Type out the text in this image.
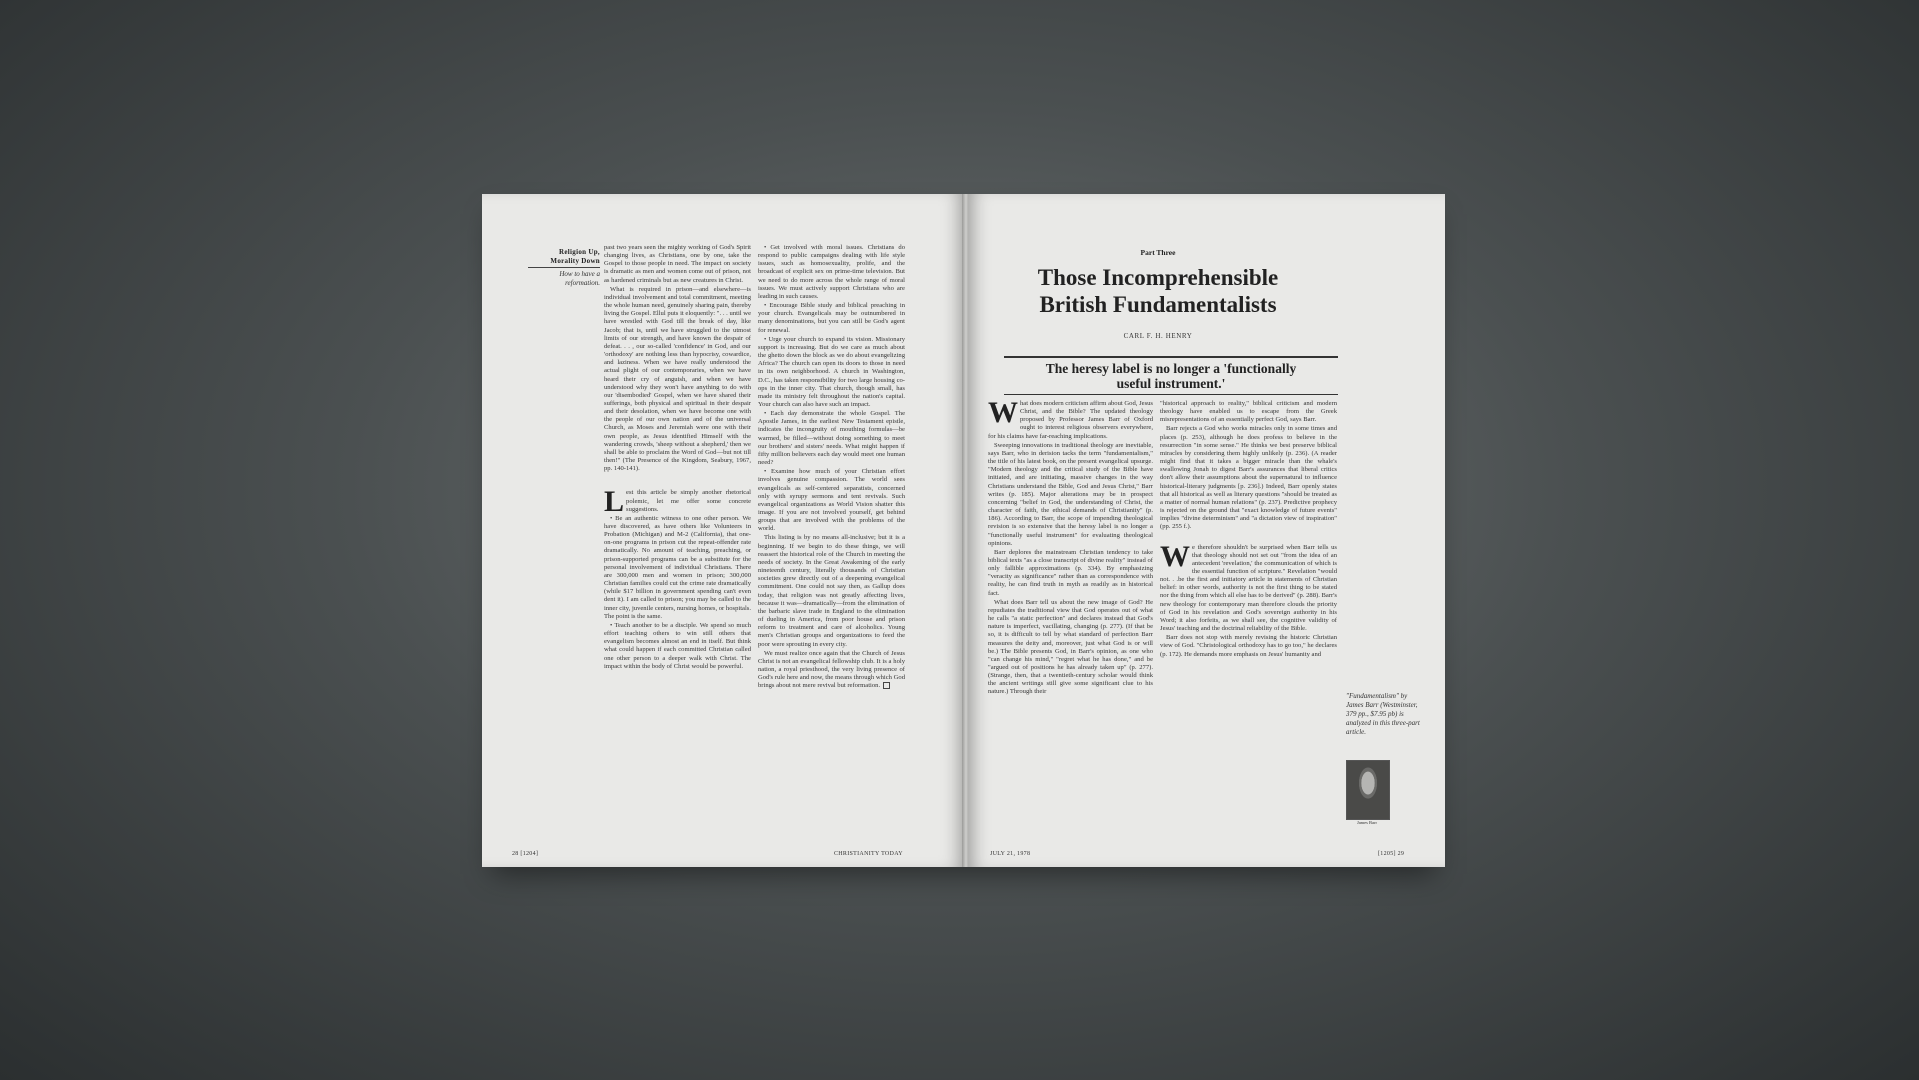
Religion Up,
Morality Down
How to have a
reformation.

past two years seen the mighty working of God's Spirit changing lives, as Christians, one by one, take the Gospel to those people in need. The impact on society is dramatic as men and women come out of prison, not as hardened criminals but as new creatures in Christ.

What is required in prison—and elsewhere—is individual involvement and total commitment, meeting the whole human need, genuinely sharing pain, thereby living the Gospel. Ellul puts it eloquently: ". . . until we have wrestled with God till the break of day, like Jacob; that is, until we have struggled to the utmost limits of our strength, and have known the despair of defeat. . . , our so-called 'confidence' in God, and our 'orthodoxy' are nothing less than hypocrisy, cowardice, and laziness. When we have really understood the actual plight of our contemporaries, when we have heard their cry of anguish, and when we have understood why they won't have anything to do with our 'disembodied' Gospel, when we have shared their sufferings, both physical and spiritual in their despair and their desolation, when we have become one with the people of our own nation and of the universal Church, as Moses and Jeremiah were one with their own people, as Jesus identified Himself with the wandering crowds, 'sheep without a shepherd,' then we shall be able to proclaim the Word of God—but not till then!" (The Presence of the Kingdom, Seabury, 1967, pp. 140-141).

Lest this article be simply another rhetorical polemic, let me offer some concrete suggestions.

• Be an authentic witness to one other person. We have discovered, as have others like Volunteers in Probation (Michigan) and M-2 (California), that one-on-one programs in prison cut the repeat-offender rate dramatically. No amount of teaching, preaching, or prison-supported programs can be a substitute for the personal involvement of individual Christians. There are 300,000 men and women in prison; 300,000 Christian families could cut the crime rate dramatically (while $17 billion in government spending can't even dent it). I am called to prison; you may be called to the inner city, juvenile centers, nursing homes, or hospitals. The point is the same.

• Teach another to be a disciple. We spend so much effort teaching others to win still others that evangelism becomes almost an end in itself. But think what could happen if each committed Christian called one other person to a deeper walk with Christ. The impact within the body of Christ would be powerful.

• Get involved with moral issues. Christians do respond to public campaigns dealing with life style issues, such as homosexuality, prolife, and the broadcast of explicit sex on prime-time television. But we need to do more across the whole range of moral issues. We must actively support Christians who are leading in such causes.

• Encourage Bible study and biblical preaching in your church. Evangelicals may be outnumbered in many denominations, but you can still be God's agent for renewal.

• Urge your church to expand its vision. Missionary support is increasing. But do we care as much about the ghetto down the block as we do about evangelizing Africa? The church can open its doors to those in need in its own neighborhood. A church in Washington, D.C., has taken responsibility for two large housing co-ops in the inner city. That church, though small, has made its ministry felt throughout the nation's capital. Your church can also have such an impact.

• Each day demonstrate the whole Gospel. The Apostle James, in the earliest New Testament epistle, indicates the incongruity of mouthing formulas—be warmed, be filled—without doing something to meet our brothers' and sisters' needs. What might happen if fifty million believers each day would meet one human need?

• Examine how much of your Christian effort involves genuine compassion. The world sees evangelicals as self-centered separatists, concerned only with syrupy sermons and tent revivals. Such evangelical organizations as World Vision shatter this image. If you are not involved yourself, get behind groups that are involved with the problems of the world.

This listing is by no means all-inclusive; but it is a beginning. If we begin to do these things, we will reassert the historical role of the Church in meeting the needs of society. In the Great Awakening of the early nineteenth century, literally thousands of Christian societies grew directly out of a deepening evangelical commitment. One could not say then, as Gallup does today, that religion was not greatly affecting lives, because it was—dramatically—from the elimination of the barbaric slave trade in England to the elimination of dueling in America, from poor house and prison reform to treatment and care of alcoholics. Young men's Christian groups and organizations to feed the poor were sprouting in every city.

We must realize once again that the Church of Jesus Christ is not an evangelical fellowship club. It is a holy nation, a royal priesthood, the very living presence of God's rule here and now, the means through which God brings about not mere revival but reformation.

28 [1204]	CHRISTIANITY TODAY
Part Three
Those Incomprehensible
British Fundamentalists
CARL F. H. HENRY
The heresy label is no longer a 'functionally
useful instrument.'

What does modern criticism affirm about God, Jesus Christ, and the Bible? The updated theology proposed by Professor James Barr of Oxford ought to interest religious observers everywhere, for his claims have far-reaching implications.

Sweeping innovations in traditional theology are inevitable, says Barr, who in derision tacks the term "fundamentalism," the title of his latest book, on the present evangelical upsurge. "Modern theology and the critical study of the Bible have initiated, and are initiating, massive changes in the way Christians understand the Bible, God and Jesus Christ," Barr writes (p. 185). Major alterations may be in prospect concerning "belief in God, the understanding of Christ, the character of faith, the ethical demands of Christianity" (p. 186). According to Barr, the scope of impending theological revision is so extensive that the heresy label is no longer a "functionally useful instrument" for evaluating theological opinions.

Barr deplores the mainstream Christian tendency to take biblical texts "as a close transcript of divine reality" instead of only fallible approximations (p. 334). By emphasizing "veracity as significance" rather than as correspondence with reality, he can find truth in myth as readily as in historical fact.

What does Barr tell us about the new image of God? He repudiates the traditional view that God operates out of what he calls "a static perfection" and declares instead that God's nature is imperfect, vacillating, changing (p. 277). (If that be so, it is difficult to tell by what standard of perfection Barr measures the deity and, moreover, just what God is or will be.) The Bible presents God, in Barr's opinion, as one who "can change his mind," "regret what he has done," and be "argued out of positions he has already taken up" (p. 277). (Strange, then, that a twentieth-century scholar would think the ancient writings still give some significant clue to his nature.) Through their

"historical approach to reality," biblical criticism and modern theology have enabled us to escape from the Greek misrepresentations of an essentially perfect God, says Barr.

Barr rejects a God who works miracles only in some times and places (p. 253), although he does profess to believe in the resurrection "in some sense." He thinks we best preserve biblical miracles by considering them highly unlikely (p. 236). (A reader might find that it takes a bigger miracle than the whale's swallowing Jonah to digest Barr's assurances that liberal critics don't allow their assumptions about the supernatural to influence historical-literary judgments [p. 236].) Indeed, Barr openly states that all historical as well as literary questions "should be treated as a matter of normal human relations" (p. 237). Predictive prophecy is rejected on the ground that "exact knowledge of future events" implies "divine determinism" and "a dictation view of inspiration" (pp. 255 f.).

We therefore shouldn't be surprised when Barr tells us that theology should not set out "from the idea of an antecedent 'revelation,' the communication of which is the essential function of scripture." Revelation "would not. . .be the first and initiatory article in statements of Christian belief: in other words, authority is not the first thing to be stated nor the thing from which all else has to be derived" (p. 288). Barr's new theology for contemporary man therefore clouds the priority of God in his revelation and God's sovereign authority in his Word; it also forfeits, as we shall see, the cognitive validity of Jesus' teaching and the doctrinal reliability of the Bible.

Barr does not stop with merely revising the historic Christian view of God. "Christological orthodoxy has to go too," he declares (p. 172). He demands more emphasis on Jesus' humanity and

"Fundamentalism" by James Barr (Westminster, 379 pp., $7.95 pb) is analyzed in this three-part article.
James Barr
JULY 21, 1978	[1205] 29
